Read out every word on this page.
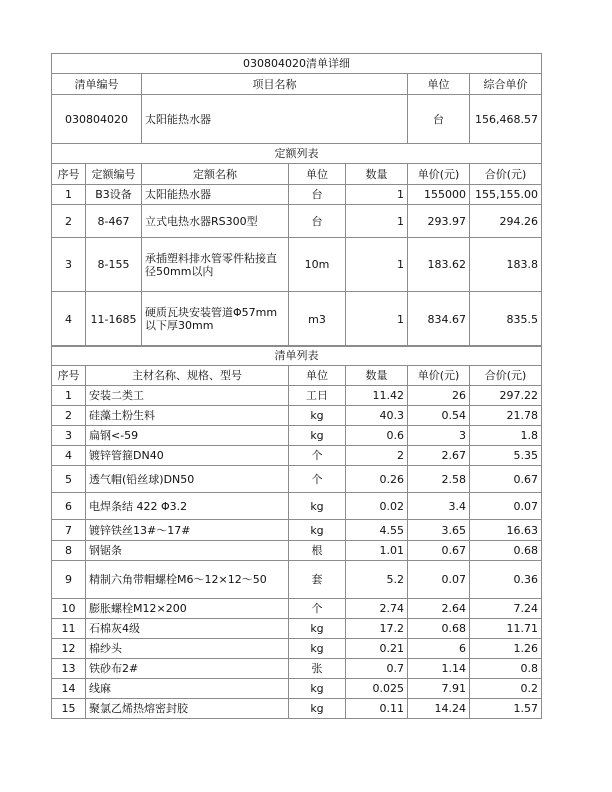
030804020清单详细			
清单编号	项目名称	单位	综合单价
030804020	太阳能热水器	台	156,468.57
定额列表						
序号	定额编号	定额名称	单位	数量	单价(元)	合价(元)
1	B3设备	太阳能热水器	台	1	155000	155,155.00
2	8-467	立式电热水器RS300型	台	1	293.97	294.26
3	8-155	承插塑料排水管零件粘接直径50mm以内	10m	1	183.62	183.8
4	11-1685	硬质瓦块安装管道Φ57mm以下厚30mm	m3	1	834.67	835.5
清单列表					
序号	主材名称、规格、型号	单位	数量	单价(元)	合价(元)
1	安装二类工	工日	11.42	26	297.22
2	硅藻土粉生料	kg	40.3	0.54	21.78
3	扁钢<-59	kg	0.6	3	1.8
4	镀锌管箍DN40	个	2	2.67	5.35
5	透气帽(铅丝球)DN50	个	0.26	2.58	0.67
6	电焊条结 422 Φ3.2	kg	0.02	3.4	0.07
7	镀锌铁丝13#～17#	kg	4.55	3.65	16.63
8	钢锯条	根	1.01	0.67	0.68
9	精制六角带帽螺栓M6～12×12～50	套	5.2	0.07	0.36
10	膨胀螺栓M12×200	个	2.74	2.64	7.24
11	石棉灰4级	kg	17.2	0.68	11.71
12	棉纱头	kg	0.21	6	1.26
13	铁砂布2#	张	0.7	1.14	0.8
14	线麻	kg	0.025	7.91	0.2
15	聚氯乙烯热熔密封胶	kg	0.11	14.24	1.57
